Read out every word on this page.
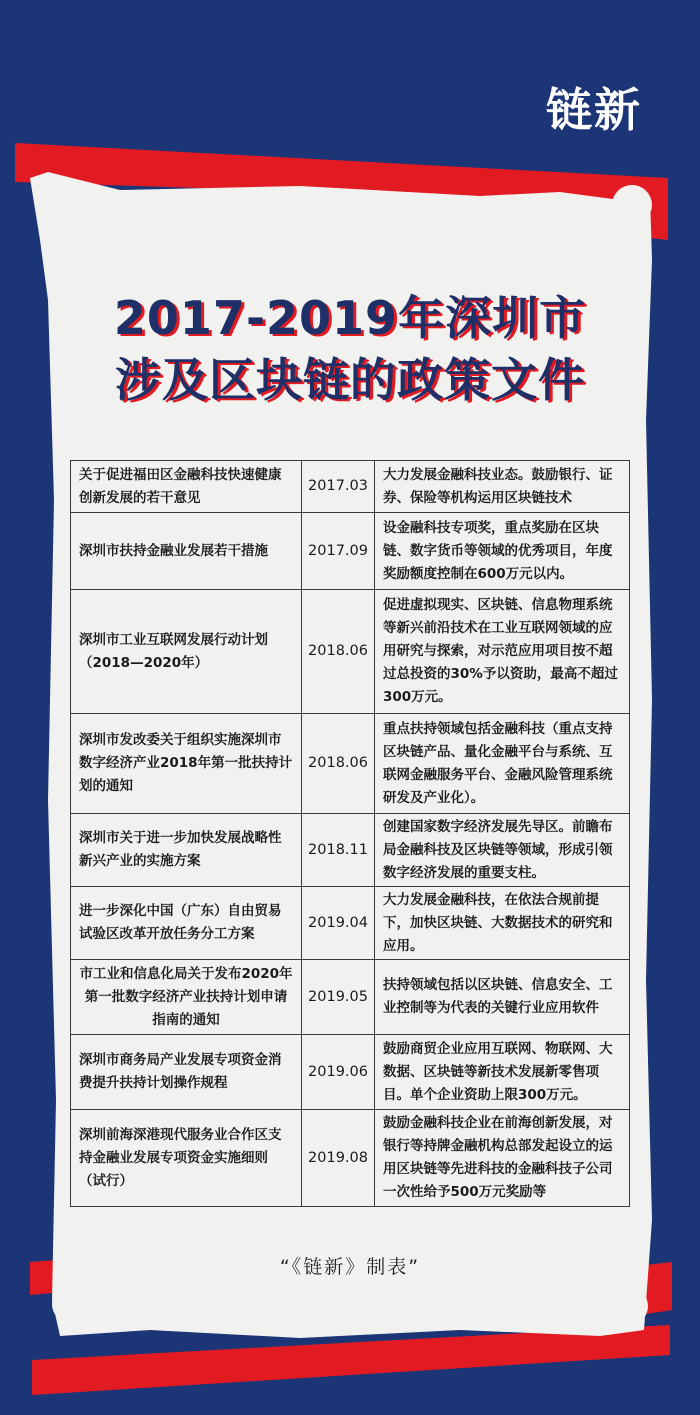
链新
2017-2019年深圳市
涉及区块链的政策文件
关于促进福田区金融科技快速健康创新发展的若干意见	2017.03	大力发展金融科技业态。鼓励银行、证券、保险等机构运用区块链技术
深圳市扶持金融业发展若干措施	2017.09	设金融科技专项奖，重点奖励在区块链、数字货币等领域的优秀项目，年度奖励额度控制在600万元以内。
深圳市工业互联网发展行动计划（2018—2020年）	2018.06	促进虚拟现实、区块链、信息物理系统等新兴前沿技术在工业互联网领域的应用研究与探索，对示范应用项目按不超过总投资的30%予以资助，最高不超过300万元。
深圳市发改委关于组织实施深圳市数字经济产业2018年第一批扶持计划的通知	2018.06	重点扶持领域包括金融科技（重点支持区块链产品、量化金融平台与系统、互联网金融服务平台、金融风险管理系统研发及产业化）。
深圳市关于进一步加快发展战略性新兴产业的实施方案	2018.11	创建国家数字经济发展先导区。前瞻布局金融科技及区块链等领域，形成引领数字经济发展的重要支柱。
进一步深化中国（广东）自由贸易试验区改革开放任务分工方案	2019.04	大力发展金融科技，在依法合规前提下，加快区块链、大数据技术的研究和应用。
市工业和信息化局关于发布2020年第一批数字经济产业扶持计划申请指南的通知	2019.05	扶持领域包括以区块链、信息安全、工业控制等为代表的关键行业应用软件
深圳市商务局产业发展专项资金消费提升扶持计划操作规程	2019.06	鼓励商贸企业应用互联网、物联网、大数据、区块链等新技术发展新零售项目。单个企业资助上限300万元。
深圳前海深港现代服务业合作区支持金融业发展专项资金实施细则（试行）	2019.08	鼓励金融科技企业在前海创新发展，对银行等持牌金融机构总部发起设立的运用区块链等先进科技的金融科技子公司一次性给予500万元奖励等
“《链新》制表”
